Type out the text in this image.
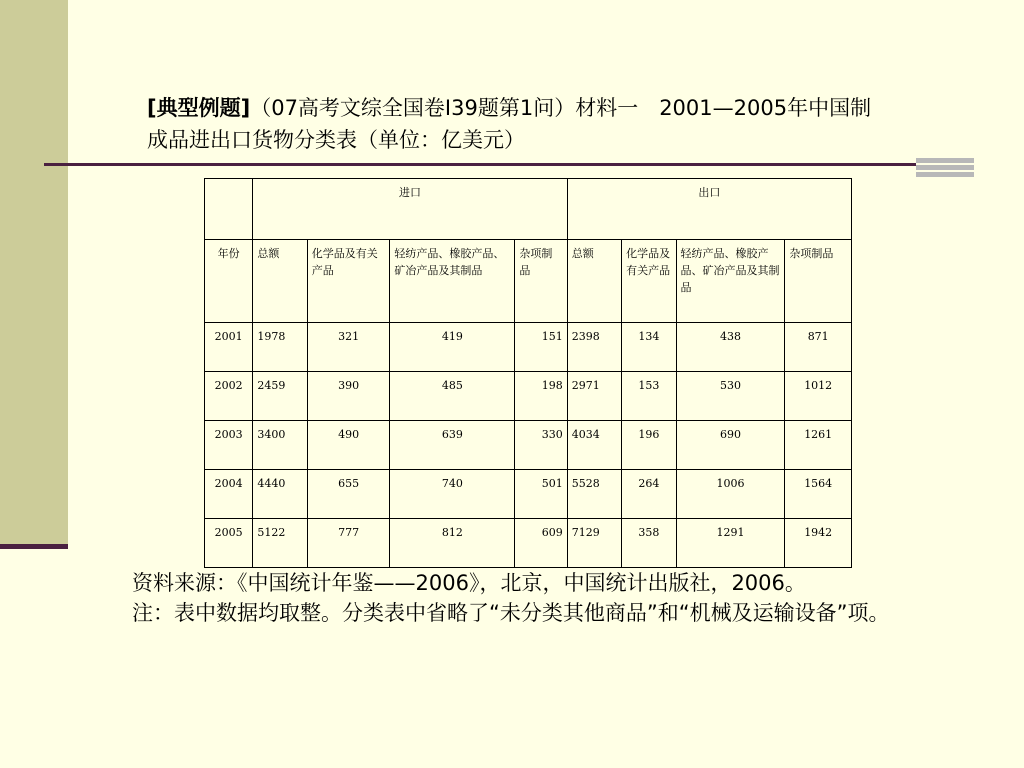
[典型例题]（07高考文综全国卷Ⅰ39题第1问）材料一　2001—2005年中国制成品进出口货物分类表（单位：亿美元）

	进口				出口			
年份	总额	化学品及有关产品	轻纺产品、橡胶产品、矿冶产品及其制品	杂项制品	总额	化学品及有关产品	轻纺产品、橡胶产品、矿冶产品及其制品	杂项制品
2001	1978	321	419	151	2398	134	438	871
2002	2459	390	485	198	2971	153	530	1012
2003	3400	490	639	330	4034	196	690	1261
2004	4440	655	740	501	5528	264	1006	1564
2005	5122	777	812	609	7129	358	1291	1942

资料来源：《中国统计年鉴——2006》，北京，中国统计出版社，2006。

注：表中数据均取整。分类表中省略了“未分类其他商品”和“机械及运输设备”项。
